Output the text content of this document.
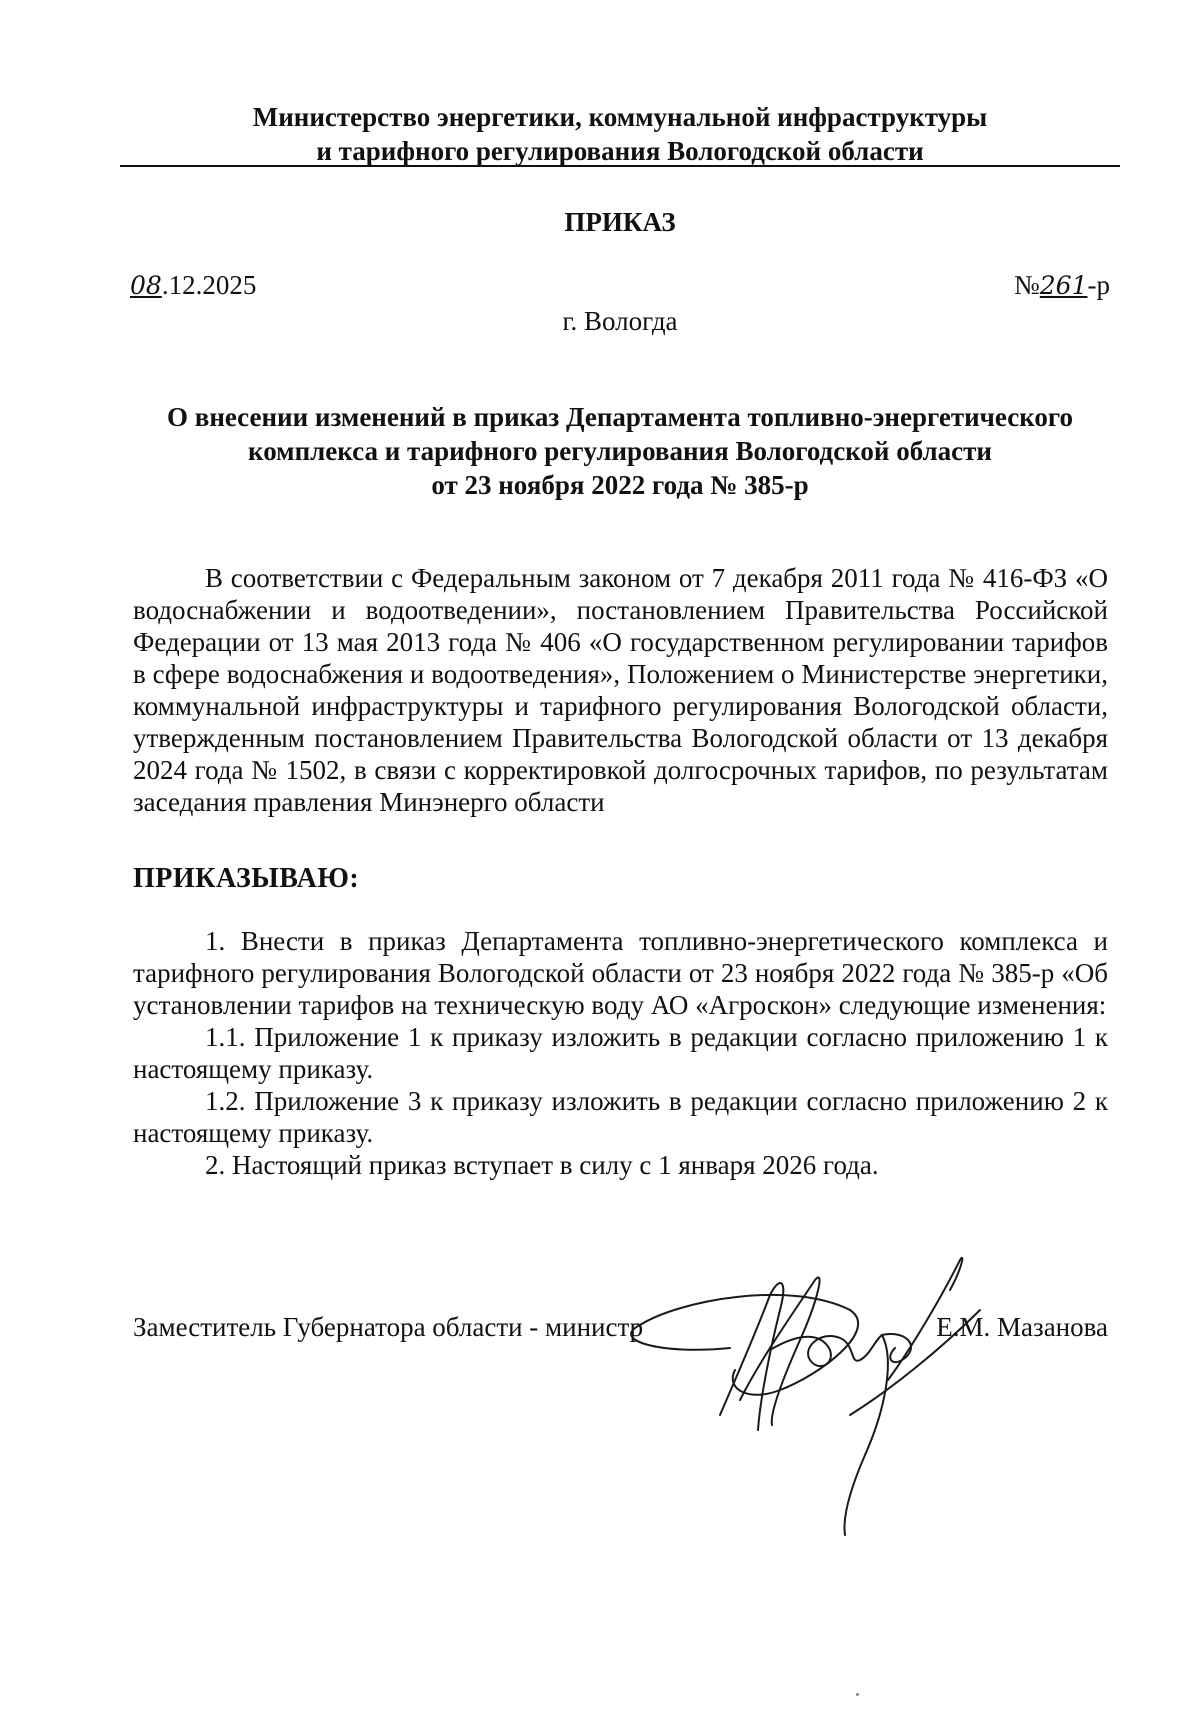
Министерство энергетики, коммунальной инфраструктуры
и тарифного регулирования Вологодской области
ПРИКАЗ
08.12.2025	№261-р
г. Вологда
О внесении изменений в приказ Департамента топливно-энергетического
комплекса и тарифного регулирования Вологодской области
от 23 ноября 2022 года № 385-р

В соответствии с Федеральным законом от 7 декабря 2011 года № 416-ФЗ «О водоснабжении и водоотведении», постановлением Правительства Российской Федерации от 13 мая 2013 года № 406 «О государственном регулировании тарифов в сфере водоснабжения и водоотведения», Положением о Министерстве энергетики, коммунальной инфраструктуры и тарифного регулирования Вологодской области, утвержденным постановлением Правительства Вологодской области от 13 декабря 2024 года № 1502, в связи с корректировкой долгосрочных тарифов, по результатам заседания правления Минэнерго области

ПРИКАЗЫВАЮ:

1. Внести в приказ Департамента топливно-энергетического комплекса и тарифного регулирования Вологодской области от 23 ноября 2022 года № 385-р «Об установлении тарифов на техническую воду АО «Агроскон» следующие изменения:

1.1. Приложение 1 к приказу изложить в редакции согласно приложению 1 к настоящему приказу.

1.2. Приложение 3 к приказу изложить в редакции согласно приложению 2 к настоящему приказу.

2. Настоящий приказ вступает в силу с 1 января 2026 года.

Заместитель Губернатора области - министр	Е.М. Мазанова
